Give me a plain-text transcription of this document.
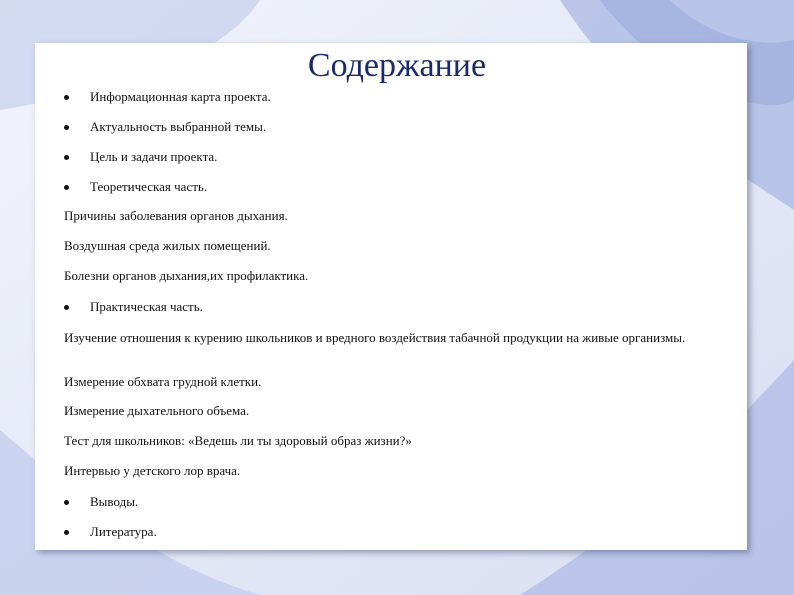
Содержание
Информационная карта проекта.
Актуальность выбранной темы.
Цель и задачи проекта.
Теоретическая часть.
Причины заболевания органов дыхания.
Воздушная среда жилых помещений.
Болезни органов дыхания,их профилактика.
Практическая часть.
Изучение отношения к курению школьников и вредного воздействия табачной продукции на живые организмы.
Измерение обхвата грудной клетки.
Измерение дыхательного объема.
Тест для школьников: «Ведешь ли ты здоровый образ жизни?»
Интервью у детского лор врача.
Выводы.
Литература.
